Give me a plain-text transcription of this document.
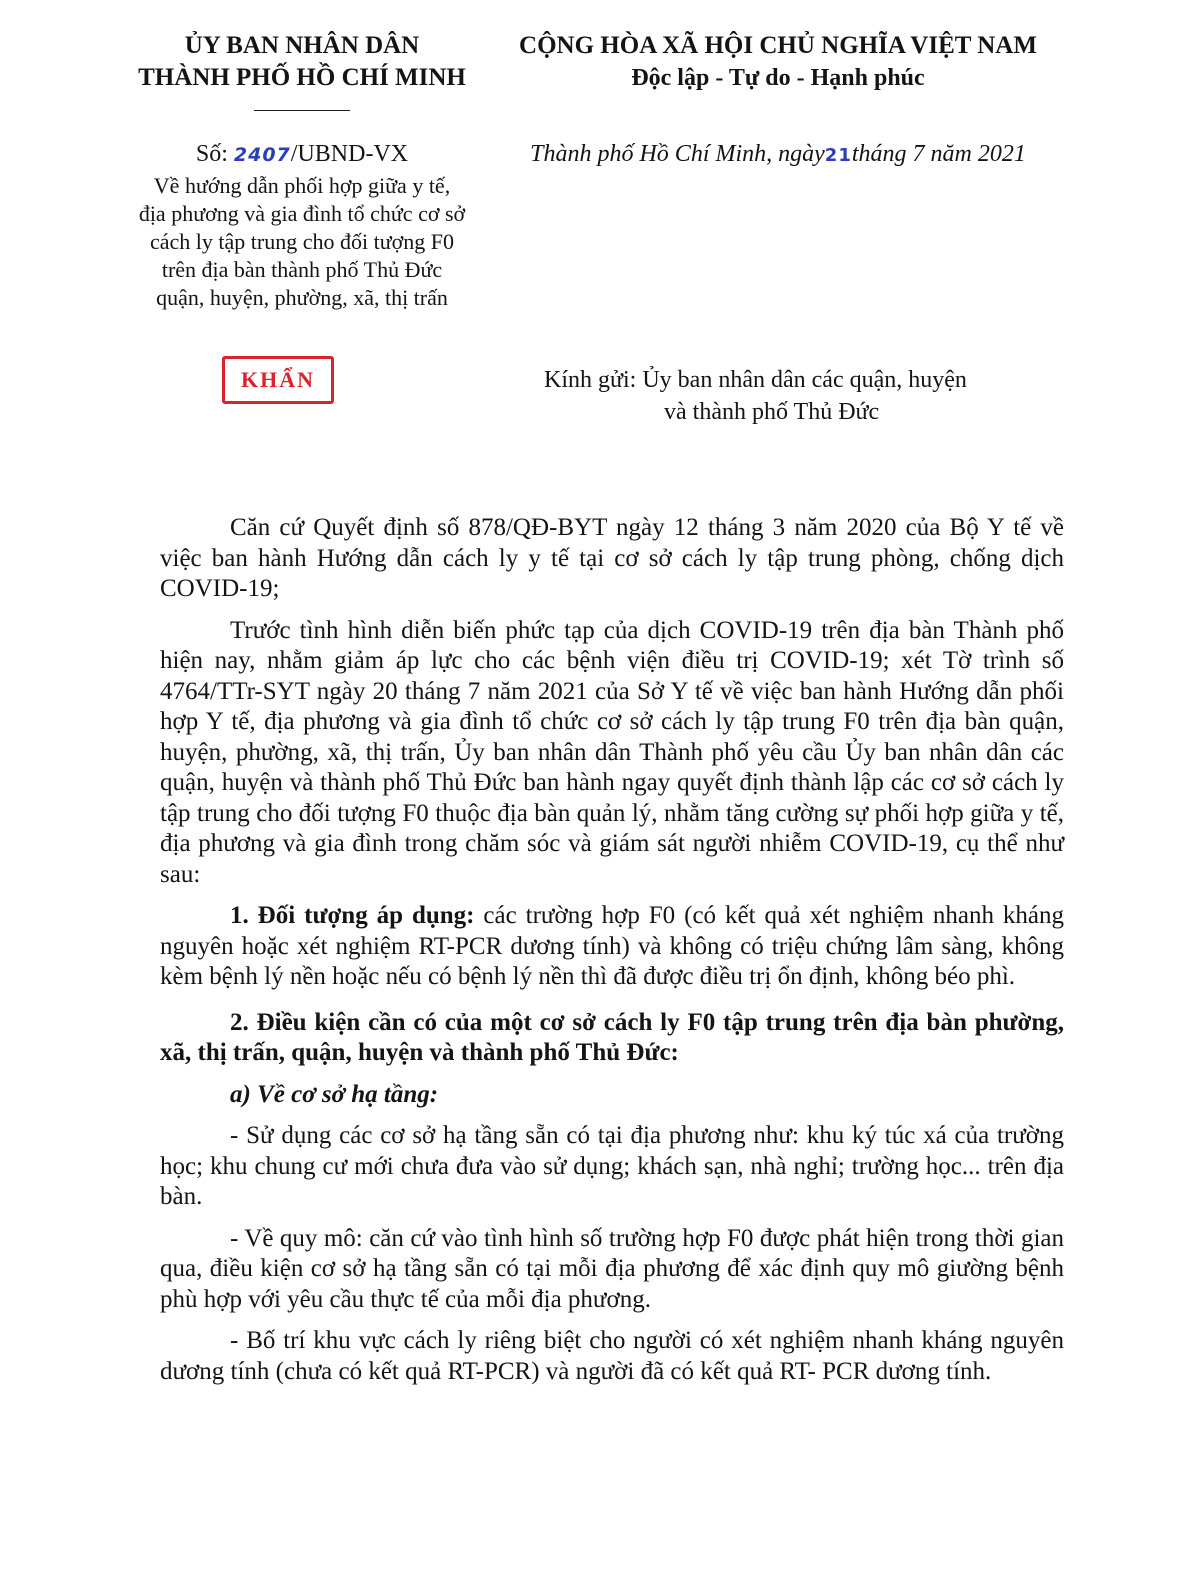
ỦY BAN NHÂN DÂN
THÀNH PHỐ HỒ CHÍ MINH
CỘNG HÒA XÃ HỘI CHỦ NGHĨA VIỆT NAM
Độc lập - Tự do - Hạnh phúc
Số: 2407/UBND-VX
Về hướng dẫn phối hợp giữa y tế,
địa phương và gia đình tổ chức cơ sở
cách ly tập trung cho đối tượng F0
trên địa bàn thành phố Thủ Đức
quận, huyện, phường, xã, thị trấn
Thành phố Hồ Chí Minh, ngày21tháng 7 năm 2021
KHẨN	Kính gửi: Ủy ban nhân dân các quận, huyện
và thành phố Thủ Đức

Căn cứ Quyết định số 878/QĐ-BYT ngày 12 tháng 3 năm 2020 của Bộ Y tế về việc ban hành Hướng dẫn cách ly y tế tại cơ sở cách ly tập trung phòng, chống dịch COVID-19;

Trước tình hình diễn biến phức tạp của dịch COVID-19 trên địa bàn Thành phố hiện nay, nhằm giảm áp lực cho các bệnh viện điều trị COVID-19; xét Tờ trình số 4764/TTr-SYT ngày 20 tháng 7 năm 2021 của Sở Y tế về việc ban hành Hướng dẫn phối hợp Y tế, địa phương và gia đình tổ chức cơ sở cách ly tập trung F0 trên địa bàn quận, huyện, phường, xã, thị trấn, Ủy ban nhân dân Thành phố yêu cầu Ủy ban nhân dân các quận, huyện và thành phố Thủ Đức ban hành ngay quyết định thành lập các cơ sở cách ly tập trung cho đối tượng F0 thuộc địa bàn quản lý, nhằm tăng cường sự phối hợp giữa y tế, địa phương và gia đình trong chăm sóc và giám sát người nhiễm COVID-19, cụ thể như sau:

1. Đối tượng áp dụng: các trường hợp F0 (có kết quả xét nghiệm nhanh kháng nguyên hoặc xét nghiệm RT-PCR dương tính) và không có triệu chứng lâm sàng, không kèm bệnh lý nền hoặc nếu có bệnh lý nền thì đã được điều trị ổn định, không béo phì.

2. Điều kiện cần có của một cơ sở cách ly F0 tập trung trên địa bàn phường, xã, thị trấn, quận, huyện và thành phố Thủ Đức:

a) Về cơ sở hạ tầng:

- Sử dụng các cơ sở hạ tầng sẵn có tại địa phương như: khu ký túc xá của trường học; khu chung cư mới chưa đưa vào sử dụng; khách sạn, nhà nghỉ; trường học... trên địa bàn.

- Về quy mô: căn cứ vào tình hình số trường hợp F0 được phát hiện trong thời gian qua, điều kiện cơ sở hạ tầng sẵn có tại mỗi địa phương để xác định quy mô giường bệnh phù hợp với yêu cầu thực tế của mỗi địa phương.

- Bố trí khu vực cách ly riêng biệt cho người có xét nghiệm nhanh kháng nguyên dương tính (chưa có kết quả RT-PCR) và người đã có kết quả RT- PCR dương tính.
